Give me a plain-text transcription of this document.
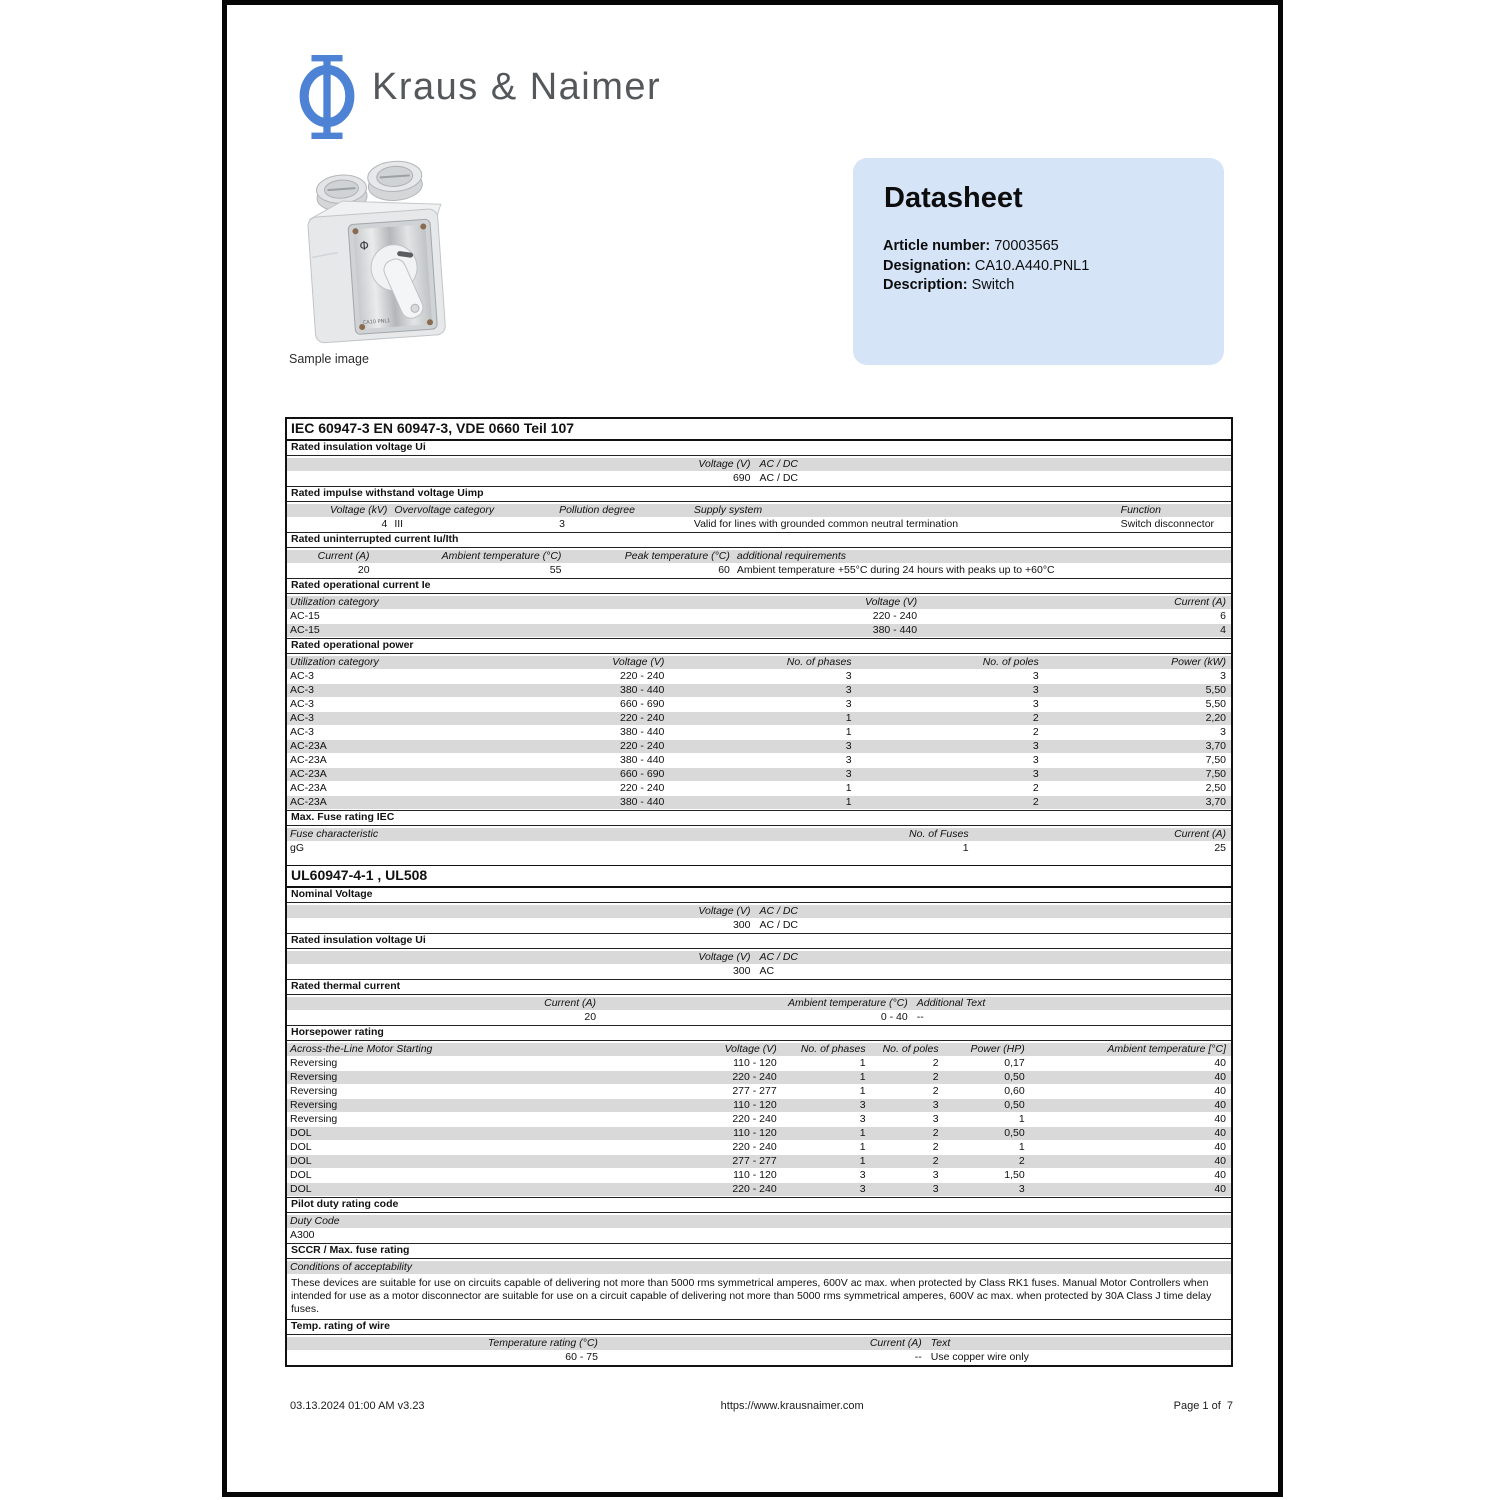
Kraus & Naimer
Φ
CA10 PNL1
Sample image
Datasheet
Article number: 70003565
Designation: CA10.A440.PNL1
Description: Switch
IEC 60947-3 EN 60947-3, VDE 0660 Teil 107
Rated insulation voltage Ui
Voltage (V) AC / DC
690 AC / DC
Rated impulse withstand voltage Uimp
Voltage (kV) Overvoltage category	Pollution degree	Supply system	Function
4 III	3	Valid for lines with grounded common neutral termination	Switch disconnector
Rated uninterrupted current Iu/Ith
Current (A)	Ambient temperature (°C)	Peak temperature (°C) additional requirements
20	55	60 Ambient temperature +55°C during 24 hours with peaks up to +60°C
Rated operational current Ie
Utilization category	Voltage (V)	Current (A)
AC-15	220 - 240	6
AC-15	380 - 440	4
Rated operational power
Utilization category	Voltage (V)	No. of phases	No. of poles	Power (kW)
AC-3	220 - 240	3	3	3
AC-3	380 - 440	3	3	5,50
AC-3	660 - 690	3	3	5,50
AC-3	220 - 240	1	2	2,20
AC-3	380 - 440	1	2	3
AC-23A	220 - 240	3	3	3,70
AC-23A	380 - 440	3	3	7,50
AC-23A	660 - 690	3	3	7,50
AC-23A	220 - 240	1	2	2,50
AC-23A	380 - 440	1	2	3,70
Max. Fuse rating IEC
Fuse characteristic	No. of Fuses	Current (A)
gG	1	25
UL60947-4-1 , UL508
Nominal Voltage
Voltage (V) AC / DC
300 AC / DC
Rated insulation voltage Ui
Voltage (V) AC / DC
300 AC
Rated thermal current
Current (A)	Ambient temperature (°C) Additional Text
20	0 - 40 --
Horsepower rating
Across-the-Line Motor Starting	Voltage (V)	No. of phases	No. of poles	Power (HP)	Ambient temperature [°C]
Reversing	110 - 120	1	2	0,17	40
Reversing	220 - 240	1	2	0,50	40
Reversing	277 - 277	1	2	0,60	40
Reversing	110 - 120	3	3	0,50	40
Reversing	220 - 240	3	3	1	40
DOL	110 - 120	1	2	0,50	40
DOL	220 - 240	1	2	1	40
DOL	277 - 277	1	2	2	40
DOL	110 - 120	3	3	1,50	40
DOL	220 - 240	3	3	3	40
Pilot duty rating code
Duty Code
A300
SCCR / Max. fuse rating
Conditions of acceptability
These devices are suitable for use on circuits capable of delivering not more than 5000 rms symmetrical amperes, 600V ac max. when protected by Class RK1 fuses. Manual Motor Controllers when intended for use as a motor disconnector are suitable for use on a circuit capable of delivering not more than 5000 rms symmetrical amperes, 600V ac max. when protected by 30A Class J time delay fuses.
Temp. rating of wire
Temperature rating (°C)	Current (A) Text
60 - 75	-- Use copper wire only
03.13.2024 01:00 AM v3.23	https://www.krausnaimer.com	Page 1 of  7
